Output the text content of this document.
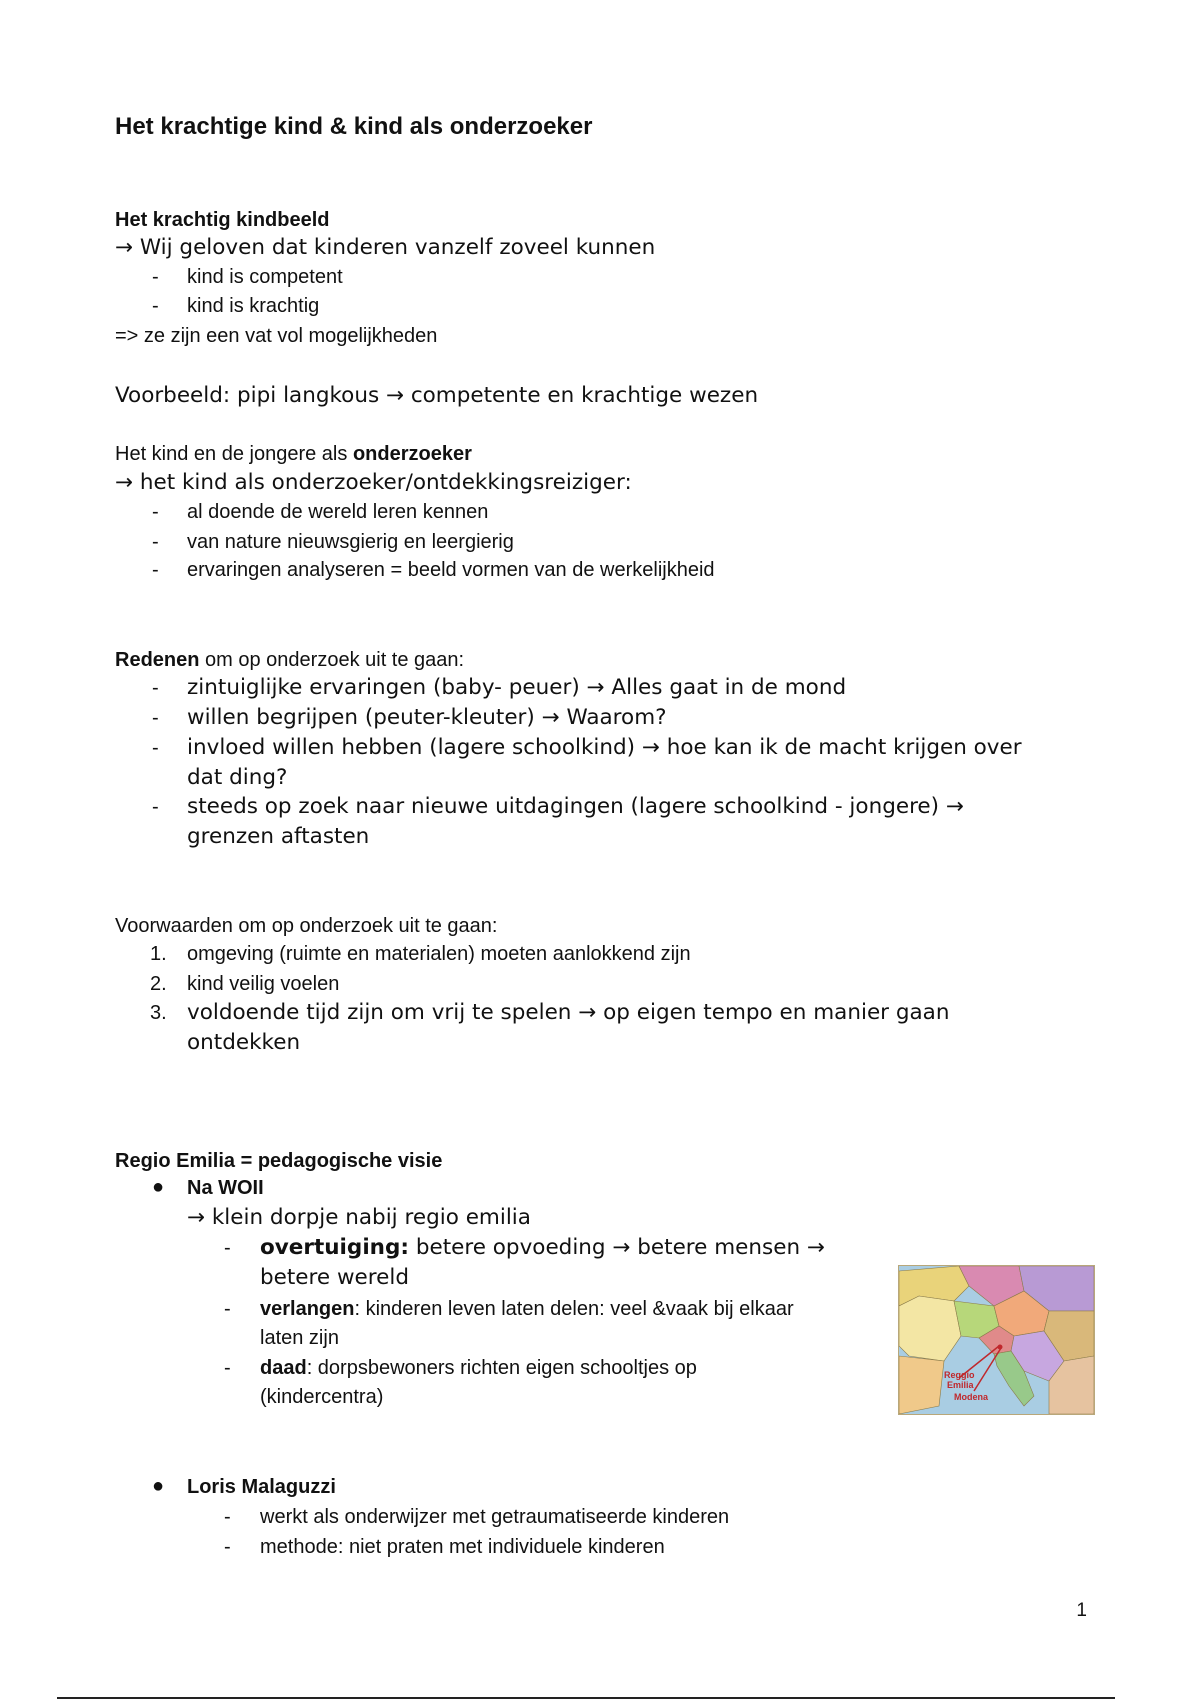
Het krachtige kind & kind als onderzoeker
Het krachtig kindbeeld
→ Wij geloven dat kinderen vanzelf zoveel kunnen
- kind is competent
- kind is krachtig
=> ze zijn een vat vol mogelijkheden
Voorbeeld: pipi langkous → competente en krachtige wezen
Het kind en de jongere als onderzoeker
→ het kind als onderzoeker/ontdekkingsreiziger:
- al doende de wereld leren kennen
- van nature nieuwsgierig en leergierig
- ervaringen analyseren = beeld vormen van de werkelijkheid
Redenen om op onderzoek uit te gaan:
- zintuiglijke ervaringen (baby- peuer) → Alles gaat in de mond
- willen begrijpen (peuter-kleuter) → Waarom?
- invloed willen hebben (lagere schoolkind) → hoe kan ik de macht krijgen over
dat ding?
- steeds op zoek naar nieuwe uitdagingen (lagere schoolkind - jongere) →
grenzen aftasten
Voorwaarden om op onderzoek uit te gaan:
1. omgeving (ruimte en materialen) moeten aanlokkend zijn
2. kind veilig voelen
3. voldoende tijd zijn om vrij te spelen → op eigen tempo en manier gaan
ontdekken
Regio Emilia = pedagogische visie
● Na WOII
→ klein dorpje nabij regio emilia
- overtuiging: betere opvoeding → betere mensen →
betere wereld
- verlangen: kinderen leven laten delen: veel &vaak bij elkaar
laten zijn
- daad: dorpsbewoners richten eigen schooltjes op
(kindercentra)
Reggio
Emilia
Modena
● Loris Malaguzzi
- werkt als onderwijzer met getraumatiseerde kinderen
- methode: niet praten met individuele kinderen
1
